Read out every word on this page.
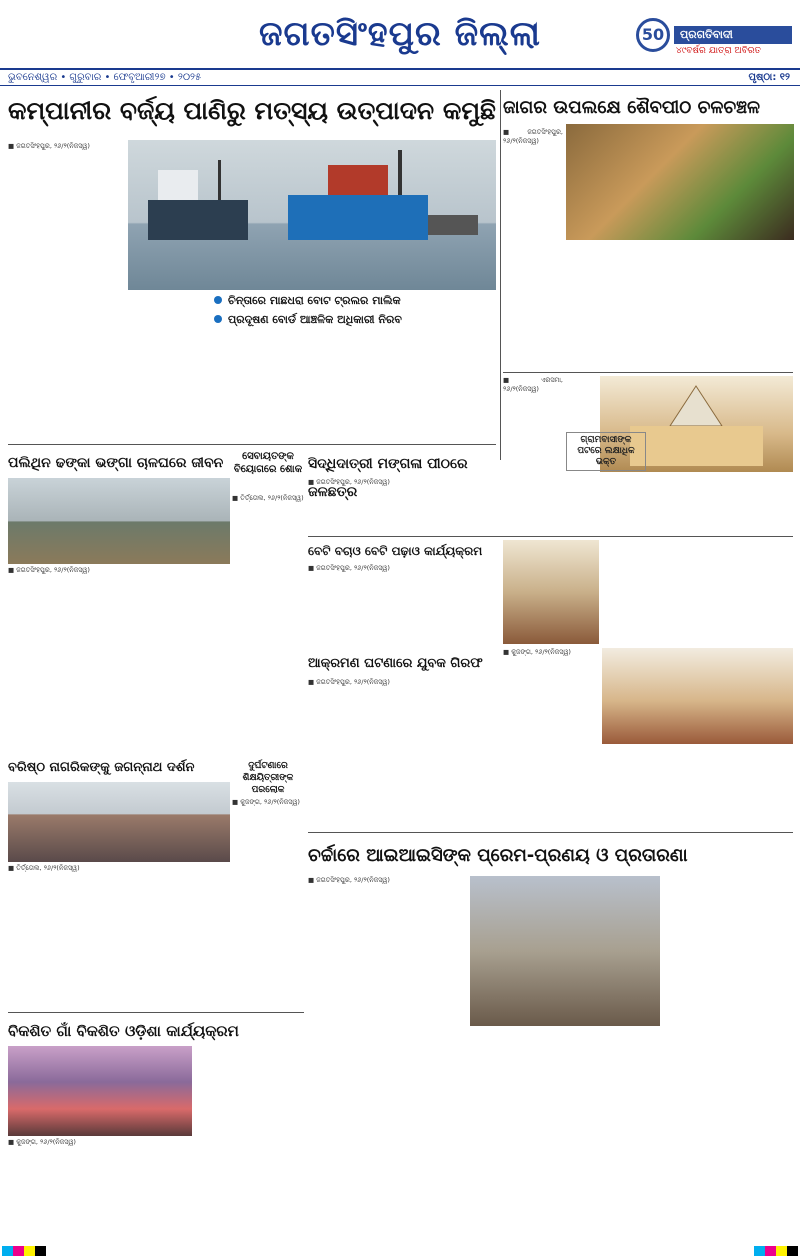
ଜଗତସିଂହପୁର ଜିଲ୍ଲା	50	ପ୍ରଗତିବାଦୀ
୪୯ବର୍ଷର ଯାତ୍ରା ଅବିରତ
ଭୁବନେଶ୍ୱର • ଗୁରୁବାର • ଫେବୃଆରୀ୨୭ • ୨୦୨୫	ପୃଷ୍ଠା: ୧୨
କମ୍ପାନୀର ବର୍ଜ୍ୟ ପାଣିରୁ ମତ୍ସ୍ୟ ଉତ୍ପାଦନ କମୁଛି

■ ଜଗତସିଂହପୁର, ୨୬/୨(ନିଜସ୍ୱ)

ଚିନ୍ତାରେ ମାଛଧରା ବୋଟ ଟ୍ରଲର ମାଲିକ
ପ୍ରଦୂଷଣ ବୋର୍ଡ ଆଞ୍ଚଳିକ ଅଧିକାରୀ ନିରବ
ଜାଗର ଉପଲକ୍ଷେ ଶୈବପୀଠ ଚଳଚଞ୍ଚଳ

■ ଜଗତସିଂହପୁର, ୨୬/୨(ନିଜସ୍ୱ)

■ ଏରସମା, ୨୬/୨(ନିଜସ୍ୱ)

ଗ୍ରାମବାସୀଙ୍କ ପଟରେ ଲକ୍ଷାଧିକ ଭକ୍ତ
ପଲିଥିନ ଢଙ୍କା ଭଙ୍ଗା ଚାଳଘରେ ଜୀବନ

■ ଜଗତସିଂହପୁର, ୨୬/୨(ନିଜସ୍ୱ)

ସେବାୟତଙ୍କ ବିୟୋଗରେ ଶୋକ

■ ତିର୍ତ୍ତୋଲ, ୨୬/୨(ନିଜସ୍ୱ)

ସିଦ୍ଧିଦାତ୍ରୀ ମଙ୍ଗଳା ପୀଠରେ ଜଳଛତ୍ର

■ ଜଗତସିଂହପୁର, ୨୬/୨(ନିଜସ୍ୱ)

ବେଟି ବଚାଓ ବେଟି ପଢ଼ାଓ କାର୍ଯ୍ୟକ୍ରମ

■ ଜଗତସିଂହପୁର, ୨୬/୨(ନିଜସ୍ୱ)

ବରିଷ୍ଠ ନାଗରିକଙ୍କୁ ଜଗନ୍ନାଥ ଦର୍ଶନ

■ ତିର୍ତ୍ତୋଲ, ୨୬/୨(ନିଜସ୍ୱ)

ଦୁର୍ଘଟଣାରେ
ଶିକ୍ଷୟିତ୍ରୀଙ୍କ ପରଲୋକ

■ କୁଜଙ୍ଗ, ୨୬/୨(ନିଜସ୍ୱ)

ଆକ୍ରମଣ ଘଟଣାରେ ଯୁବକ ଗିରଫ

■ ଜଗତସିଂହପୁର, ୨୬/୨(ନିଜସ୍ୱ)

■ କୁଜଙ୍ଗ, ୨୬/୨(ନିଜସ୍ୱ)

ଚର୍ଚ୍ଚାରେ ଆଇଆଇସିଙ୍କ ପ୍ରେମ-ପ୍ରଣୟ ଓ ପ୍ରତାରଣା

■ ଜଗତସିଂହପୁର, ୨୬/୨(ନିଜସ୍ୱ)

ବିକଶିତ ଗାଁ ବିକଶିତ ଓଡ଼ିଶା କାର୍ଯ୍ୟକ୍ରମ

■ କୁଜଙ୍ଗ, ୨୬/୨(ନିଜସ୍ୱ)
